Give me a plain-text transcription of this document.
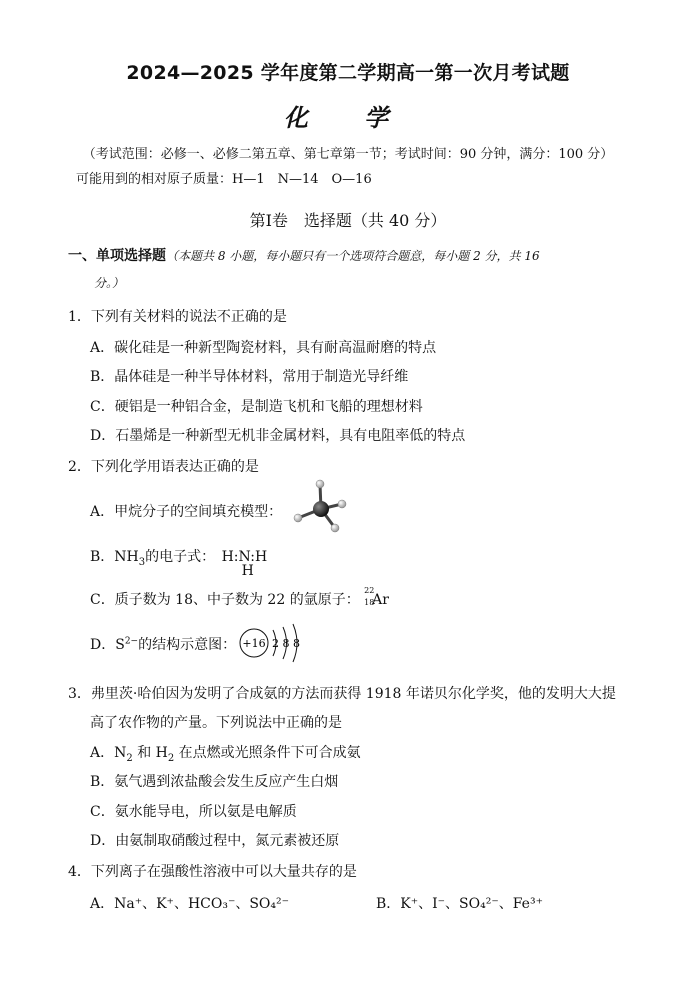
2024—2025 学年度第二学期高一第一次月考试题
化 学
（考试范围：必修一、必修二第五章、第七章第一节；考试时间：90 分钟，满分：100 分）
可能用到的相对原子质量：H—1　N—14　O—16
第Ⅰ卷　选择题（共 40 分）
一、单项选择题（本题共 8 小题，每小题只有一个选项符合题意，每小题 2 分，共 16
分。）
1．下列有关材料的说法不正确的是
A．碳化硅是一种新型陶瓷材料，具有耐高温耐磨的特点
B．晶体硅是一种半导体材料，常用于制造光导纤维
C．硬铝是一种铝合金，是制造飞机和飞船的理想材料
D．石墨烯是一种新型无机非金属材料，具有电阻率低的特点
2．下列化学用语表达正确的是
A．甲烷分子的空间填充模型：
B．$NH_3$的电子式： H:N:H
H
C．质子数为 18、中子数为 22 的氩原子：
22
18
Ar
D．$S^{2-}$的结构示意图： +16 2 8 8
3．弗里茨·哈伯因为发明了合成氨的方法而获得 1918 年诺贝尔化学奖，他的发明大大提
高了农作物的产量。下列说法中正确的是
A．$N_2$ 和 $H_2$ 在点燃或光照条件下可合成氨
B．氨气遇到浓盐酸会发生反应产生白烟
C．氨水能导电，所以氨是电解质
D．由氨制取硝酸过程中，氮元素被还原
4．下列离子在强酸性溶液中可以大量共存的是
A．Na⁺、K⁺、HCO₃⁻、SO₄²⁻	B．K⁺、I⁻、SO₄²⁻、Fe³⁺
